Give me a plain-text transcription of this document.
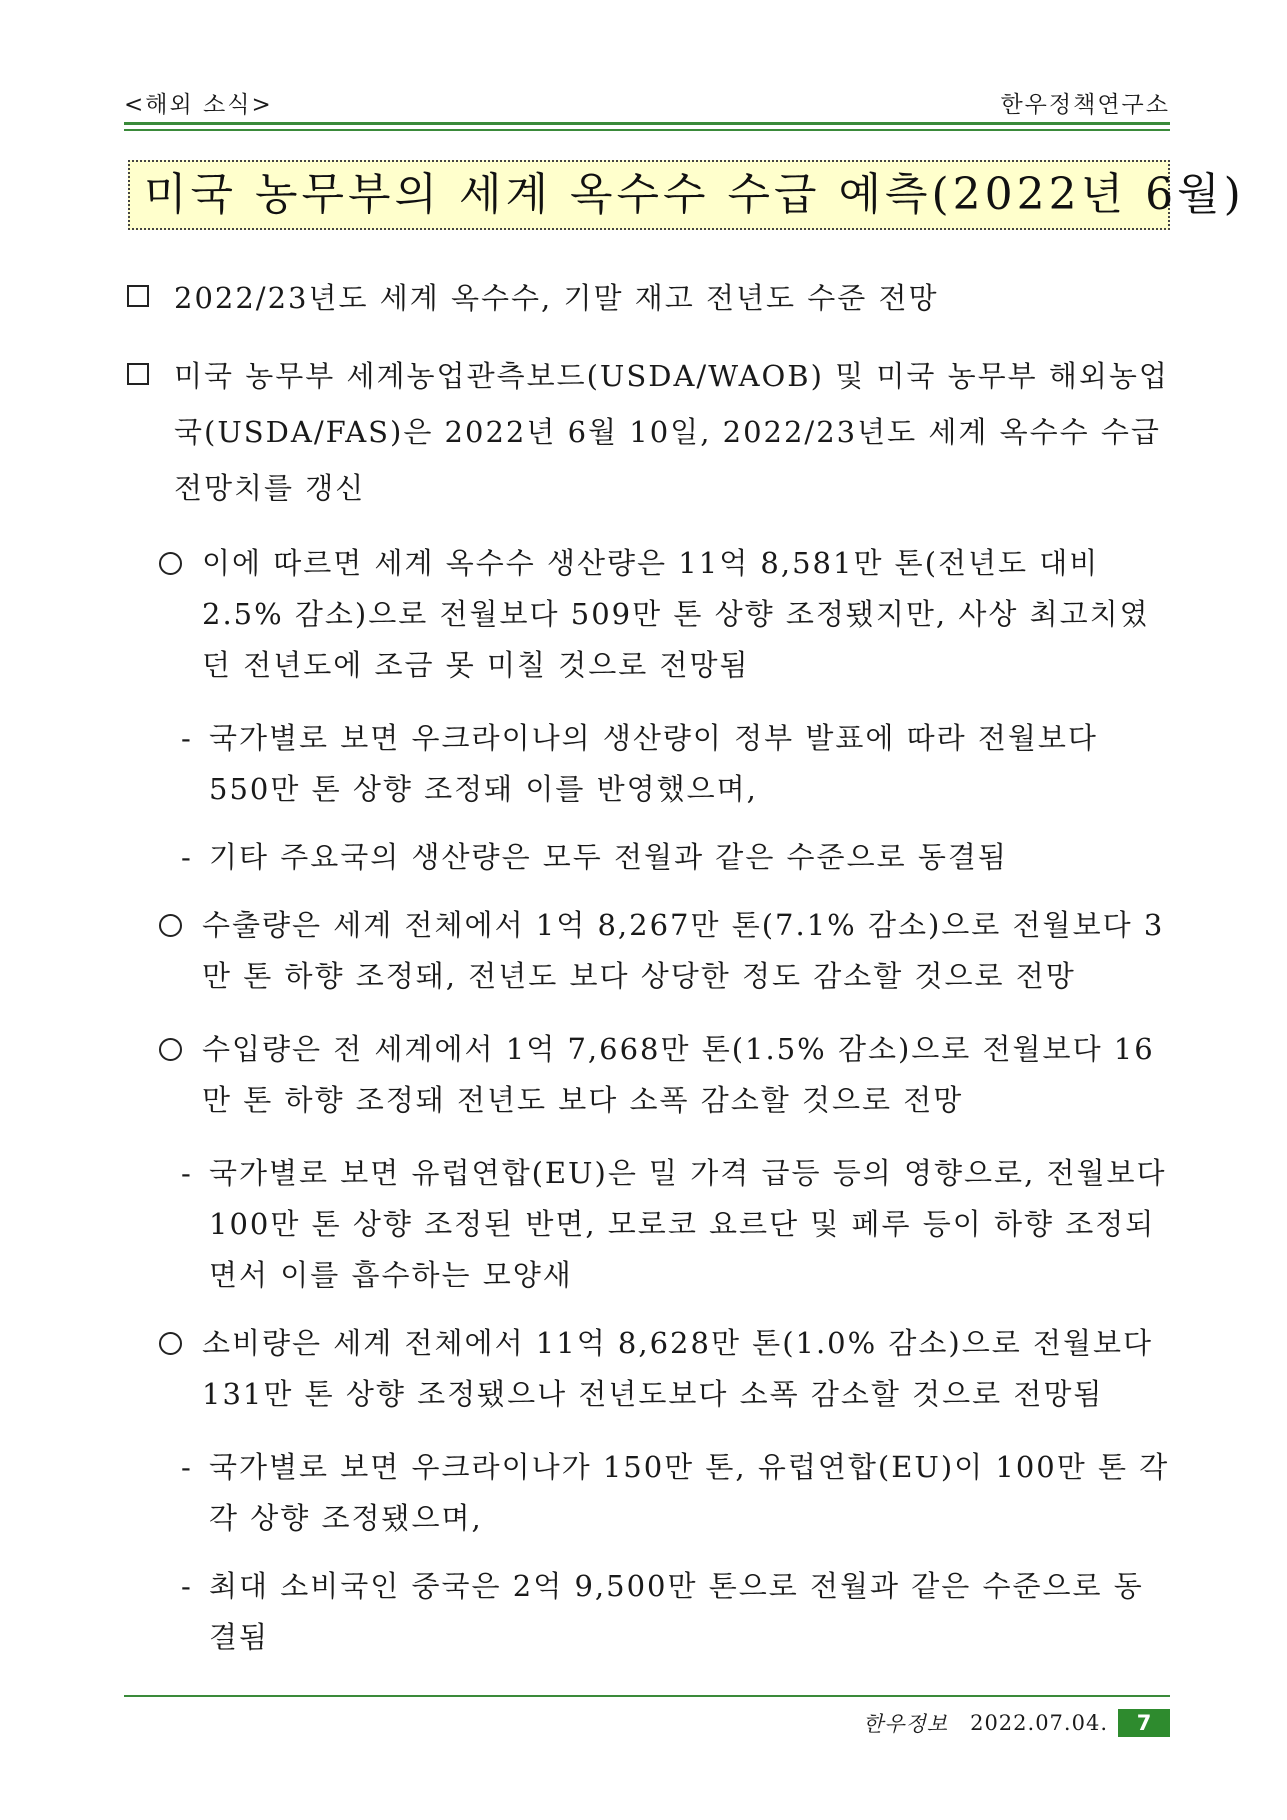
<해외 소식>	한우정책연구소
미국 농무부의 세계 옥수수 수급 예측(2022년 6월)
2022/23년도 세계 옥수수, 기말 재고 전년도 수준 전망
미국 농무부 세계농업관측보드(USDA/WAOB) 및 미국 농무부 해외농업국(USDA/FAS)은 2022년 6월 10일, 2022/23년도 세계 옥수수 수급 전망치를 갱신
이에 따르면 세계 옥수수 생산량은 11억 8,581만 톤(전년도 대비 2.5% 감소)으로 전월보다 509만 톤 상향 조정됐지만, 사상 최고치였던 전년도에 조금 못 미칠 것으로 전망됨
- 국가별로 보면 우크라이나의 생산량이 정부 발표에 따라 전월보다 550만 톤 상향 조정돼 이를 반영했으며,
- 기타 주요국의 생산량은 모두 전월과 같은 수준으로 동결됨
수출량은 세계 전체에서 1억 8,267만 톤(7.1% 감소)으로 전월보다 3만 톤 하향 조정돼, 전년도 보다 상당한 정도 감소할 것으로 전망
수입량은 전 세계에서 1억 7,668만 톤(1.5% 감소)으로 전월보다 16만 톤 하향 조정돼 전년도 보다 소폭 감소할 것으로 전망
- 국가별로 보면 유럽연합(EU)은 밀 가격 급등 등의 영향으로, 전월보다 100만 톤 상향 조정된 반면, 모로코 요르단 및 페루 등이 하향 조정되면서 이를 흡수하는 모양새
소비량은 세계 전체에서 11억 8,628만 톤(1.0% 감소)으로 전월보다 131만 톤 상향 조정됐으나 전년도보다 소폭 감소할 것으로 전망됨
- 국가별로 보면 우크라이나가 150만 톤, 유럽연합(EU)이 100만 톤 각각 상향 조정됐으며,
- 최대 소비국인 중국은 2억 9,500만 톤으로 전월과 같은 수준으로 동결됨
한우정보 2022.07.04.	7
